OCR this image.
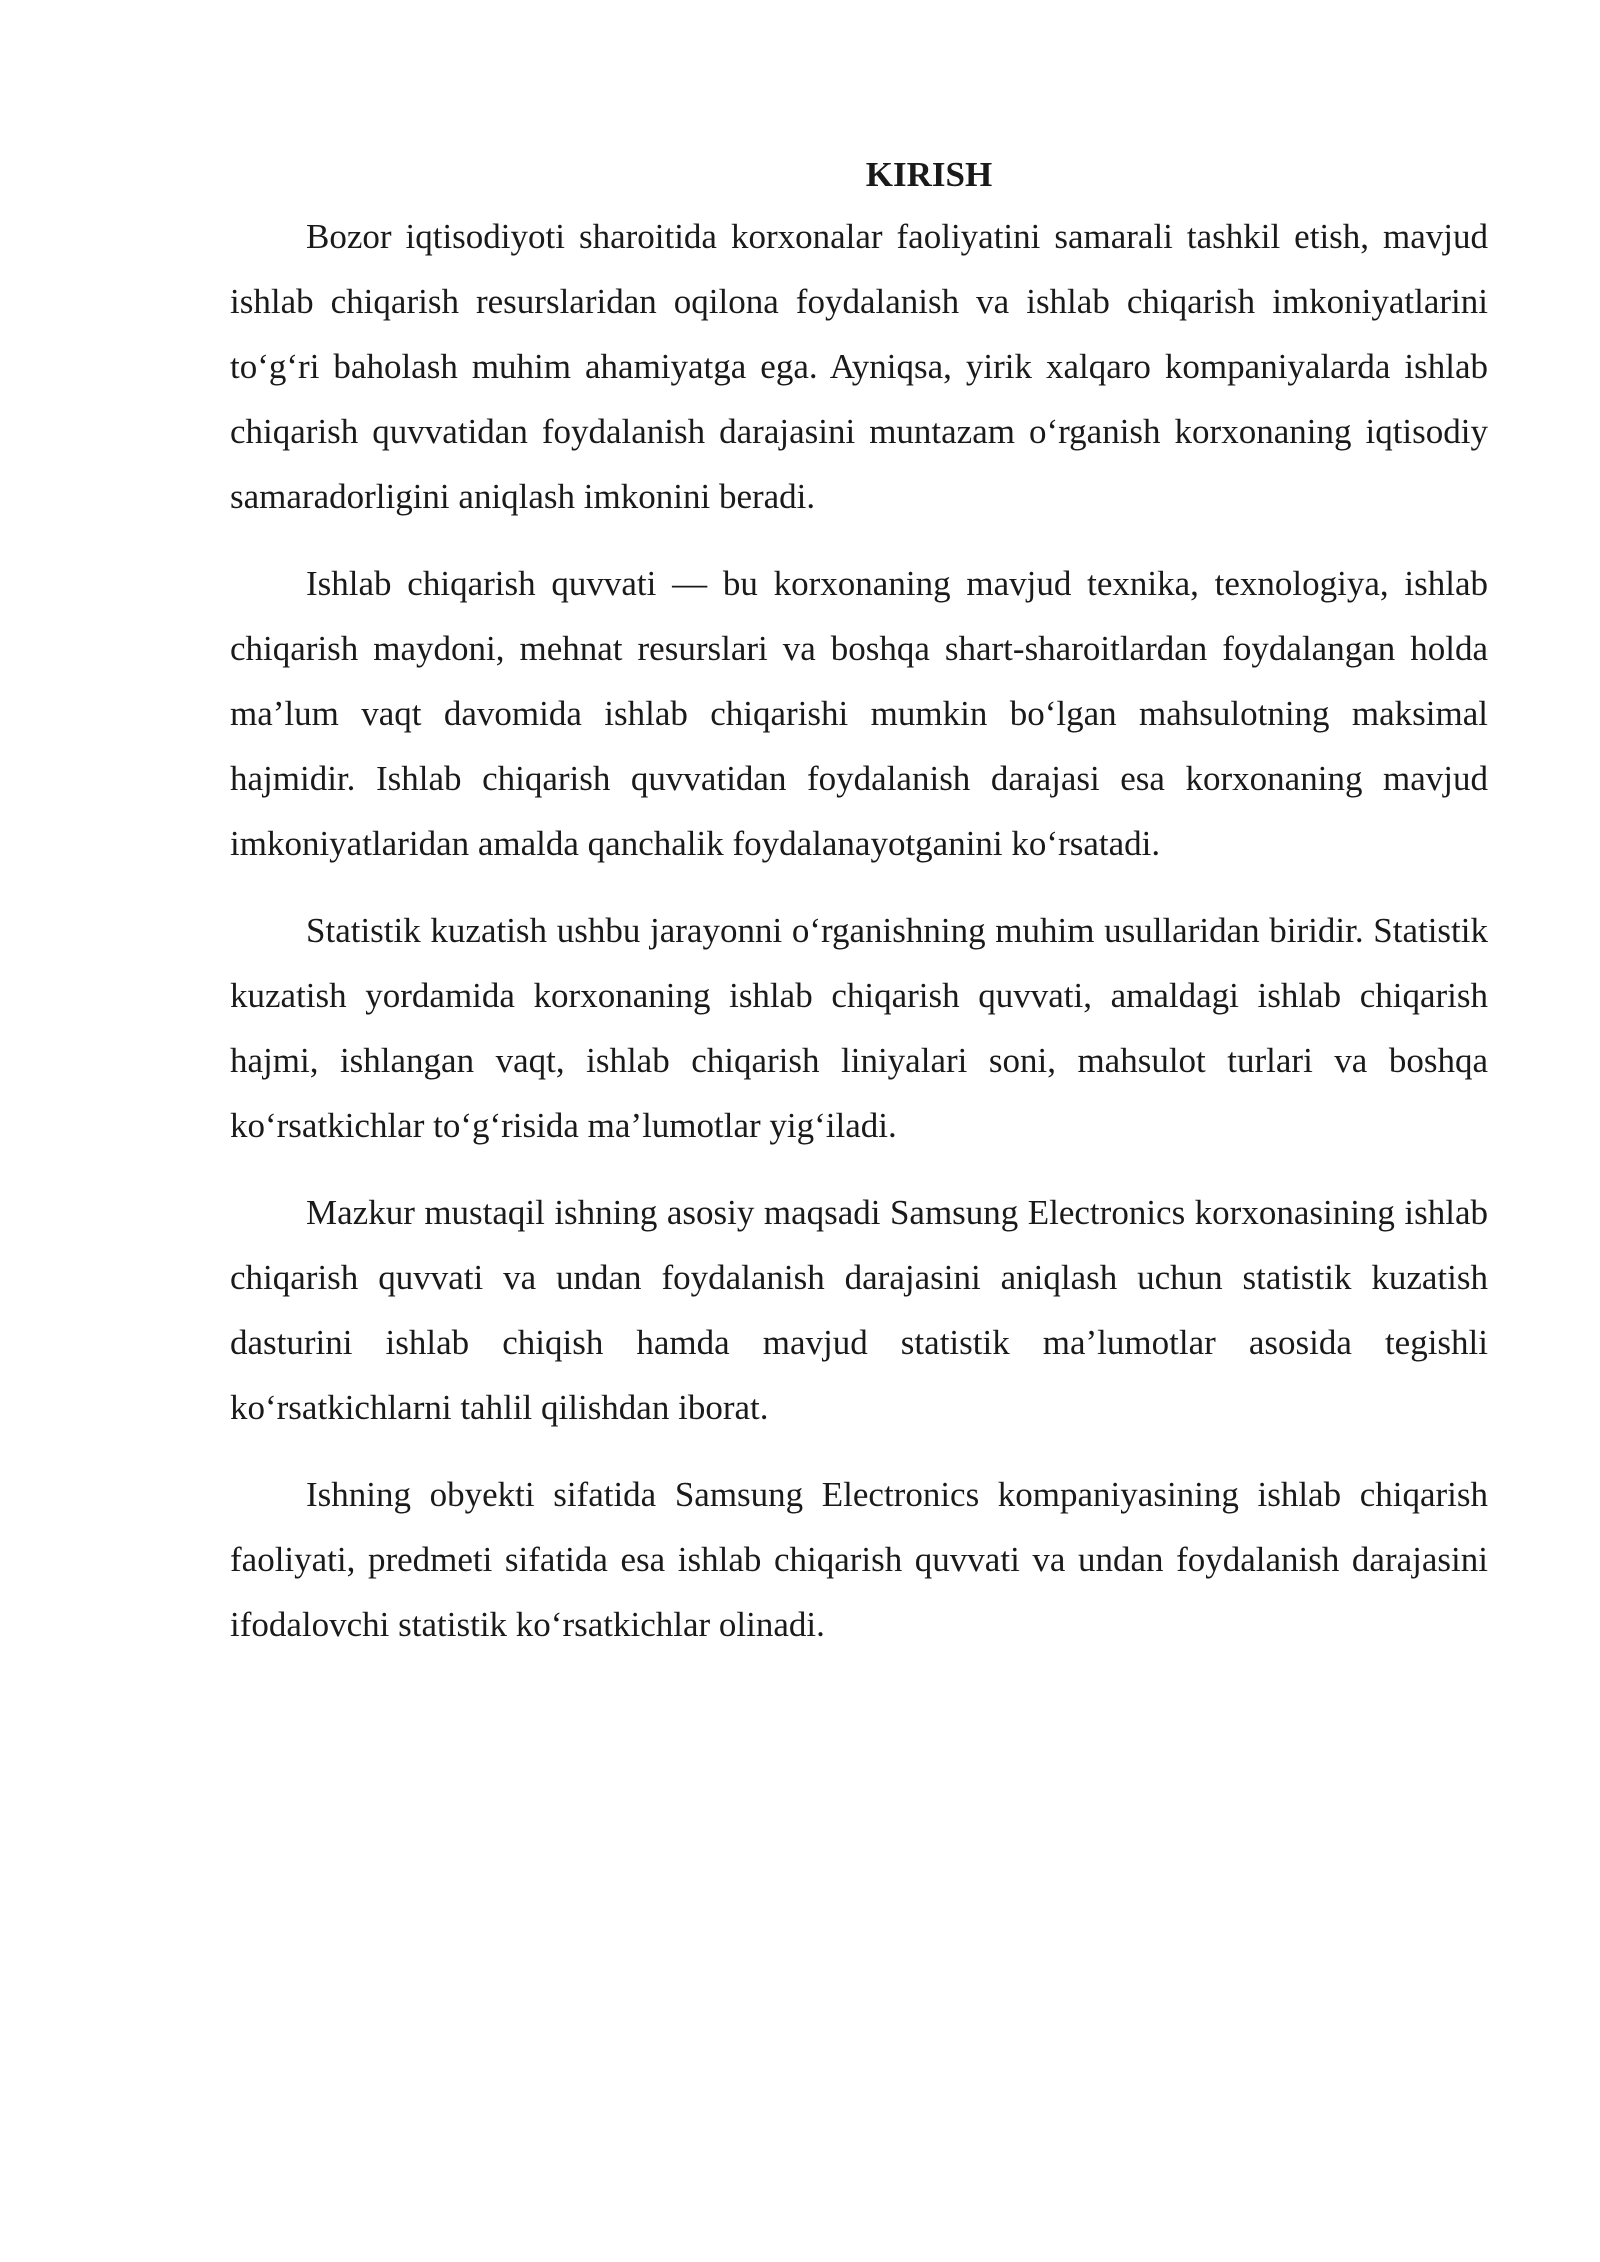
KIRISH

Bozor iqtisodiyoti sharoitida korxonalar faoliyatini samarali tashkil etish, mavjud ishlab chiqarish resurslaridan oqilona foydalanish va ishlab chiqarish imkoniyatlarini to‘g‘ri baholash muhim ahamiyatga ega. Ayniqsa, yirik xalqaro kompaniyalarda ishlab chiqarish quvvatidan foydalanish darajasini muntazam o‘rganish korxonaning iqtisodiy samaradorligini aniqlash imkonini beradi.

Ishlab chiqarish quvvati — bu korxonaning mavjud texnika, texnologiya, ishlab chiqarish maydoni, mehnat resurslari va boshqa shart-sharoitlardan foydalangan holda ma’lum vaqt davomida ishlab chiqarishi mumkin bo‘lgan mahsulotning maksimal hajmidir. Ishlab chiqarish quvvatidan foydalanish darajasi esa korxonaning mavjud imkoniyatlaridan amalda qanchalik foydalanayotganini ko‘rsatadi.

Statistik kuzatish ushbu jarayonni o‘rganishning muhim usullaridan biridir. Statistik kuzatish yordamida korxonaning ishlab chiqarish quvvati, amaldagi ishlab chiqarish hajmi, ishlangan vaqt, ishlab chiqarish liniyalari soni, mahsulot turlari va boshqa ko‘rsatkichlar to‘g‘risida ma’lumotlar yig‘iladi.

Mazkur mustaqil ishning asosiy maqsadi Samsung Electronics korxonasining ishlab chiqarish quvvati va undan foydalanish darajasini aniqlash uchun statistik kuzatish dasturini ishlab chiqish hamda mavjud statistik ma’lumotlar asosida tegishli ko‘rsatkichlarni tahlil qilishdan iborat.

Ishning obyekti sifatida Samsung Electronics kompaniyasining ishlab chiqarish faoliyati, predmeti sifatida esa ishlab chiqarish quvvati va undan foydalanish darajasini ifodalovchi statistik ko‘rsatkichlar olinadi.
